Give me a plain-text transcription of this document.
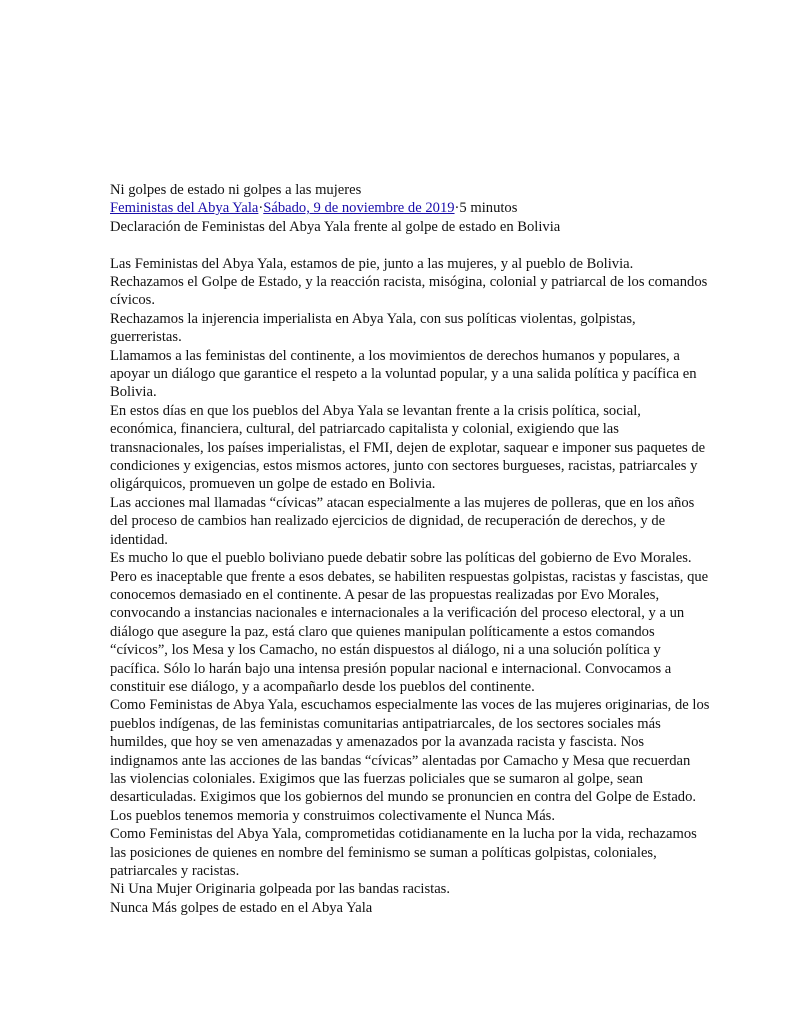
Ni golpes de estado ni golpes a las mujeres

Feministas del Abya Yala·Sábado, 9 de noviembre de 2019·5 minutos

Declaración de Feministas del Abya Yala frente al golpe de estado en Bolivia

Las Feministas del Abya Yala, estamos de pie, junto a las mujeres, y al pueblo de Bolivia.

Rechazamos el Golpe de Estado, y la reacción racista, misógina, colonial y patriarcal de los comandos cívicos.

Rechazamos la injerencia imperialista en Abya Yala, con sus políticas violentas, golpistas, guerreristas.

Llamamos a las feministas del continente, a los movimientos de derechos humanos y populares, a apoyar un diálogo que garantice el respeto a la voluntad popular, y a una salida política y pacífica en Bolivia.

En estos días en que los pueblos del Abya Yala se levantan frente a la crisis política, social, económica, financiera, cultural, del patriarcado capitalista y colonial, exigiendo que las transnacionales, los países imperialistas, el FMI, dejen de explotar, saquear e imponer sus paquetes de condiciones y exigencias, estos mismos actores, junto con sectores burgueses, racistas, patriarcales y oligárquicos, promueven un golpe de estado en Bolivia.

Las acciones mal llamadas “cívicas” atacan especialmente a las mujeres de polleras, que en los años del proceso de cambios han realizado ejercicios de dignidad, de recuperación de derechos, y de identidad.

Es mucho lo que el pueblo boliviano puede debatir sobre las políticas del gobierno de Evo Morales. Pero es inaceptable que frente a esos debates, se habiliten respuestas golpistas, racistas y fascistas, que conocemos demasiado en el continente. A pesar de las propuestas realizadas por Evo Morales, convocando a instancias nacionales e internacionales a la verificación del proceso electoral, y a un diálogo que asegure la paz, está claro que quienes manipulan políticamente a estos comandos “cívicos”, los Mesa y los Camacho, no están dispuestos al diálogo, ni a una solución política y pacífica. Sólo lo harán bajo una intensa presión popular nacional e internacional. Convocamos a constituir ese diálogo, y a acompañarlo desde los pueblos del continente.

Como Feministas de Abya Yala, escuchamos especialmente las voces de las mujeres originarias, de los pueblos indígenas, de las feministas comunitarias antipatriarcales, de los sectores sociales más humildes, que hoy se ven amenazadas y amenazados por la avanzada racista y fascista. Nos indignamos ante las acciones de las bandas “cívicas” alentadas por Camacho y Mesa que recuerdan las violencias coloniales. Exigimos que las fuerzas policiales que se sumaron al golpe, sean desarticuladas. Exigimos que los gobiernos del mundo se pronuncien en contra del Golpe de Estado. Los pueblos tenemos memoria y construimos colectivamente el Nunca Más.

Como Feministas del Abya Yala, comprometidas cotidianamente en la lucha por la vida, rechazamos las posiciones de quienes en nombre del feminismo se suman a políticas golpistas, coloniales, patriarcales y racistas.

Ni Una Mujer Originaria golpeada por las bandas racistas.

Nunca Más golpes de estado en el Abya Yala
